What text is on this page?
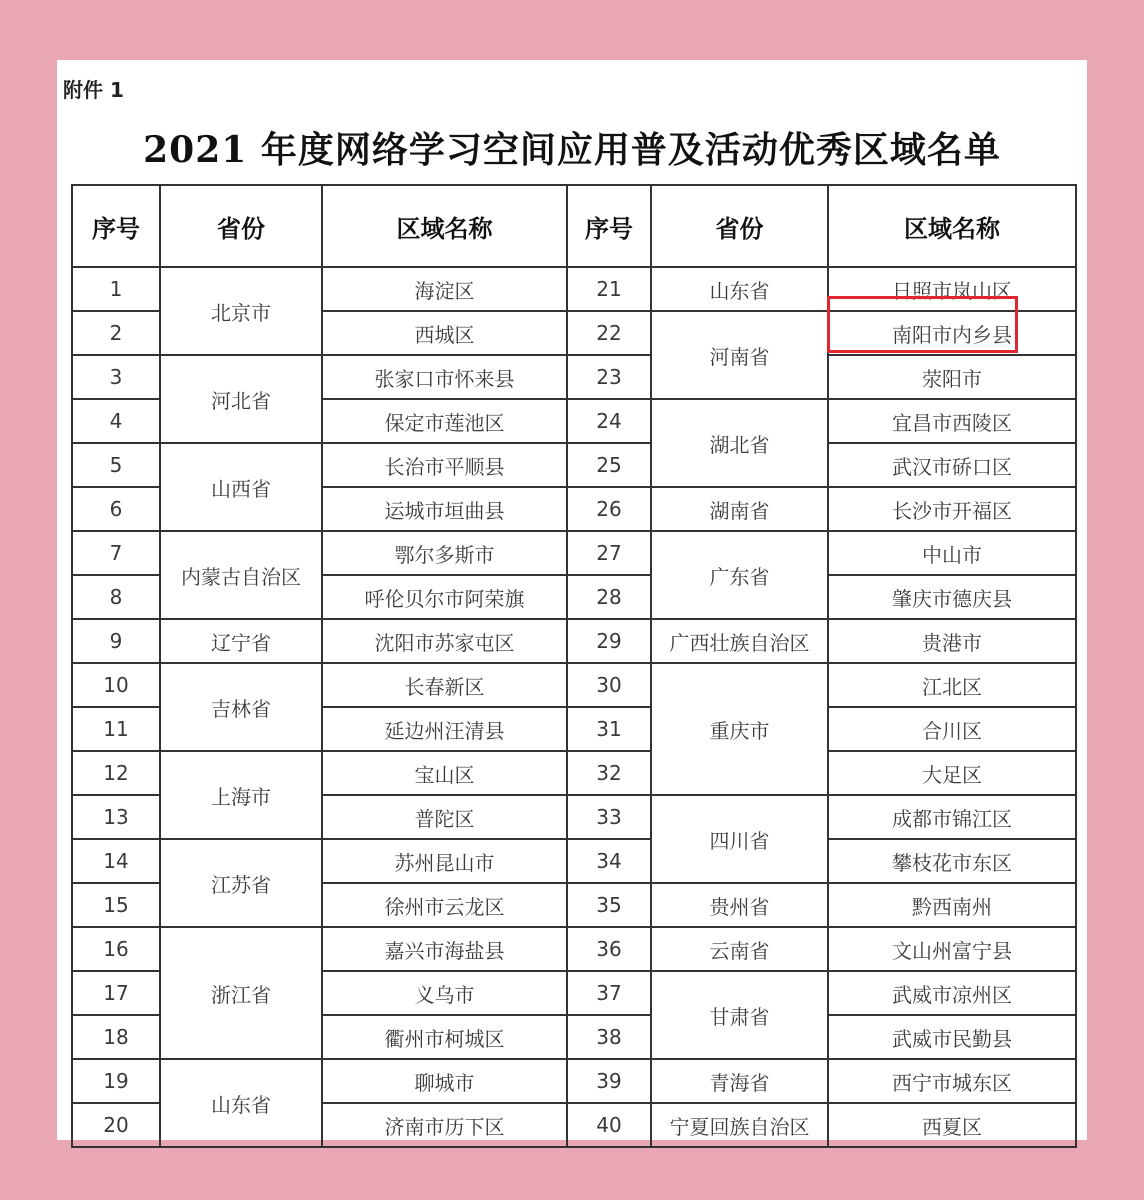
附件 1
2021 年度网络学习空间应用普及活动优秀区域名单
序号	省份	区域名称	序号	省份	区域名称
1	北京市	海淀区	21	山东省	日照市岚山区
2		西城区	22	河南省	南阳市内乡县
3	河北省	张家口市怀来县	23		荥阳市
4		保定市莲池区	24	湖北省	宜昌市西陵区
5	山西省	长治市平顺县	25		武汉市硚口区
6		运城市垣曲县	26	湖南省	长沙市开福区
7	内蒙古自治区	鄂尔多斯市	27	广东省	中山市
8		呼伦贝尔市阿荣旗	28		肇庆市德庆县
9	辽宁省	沈阳市苏家屯区	29	广西壮族自治区	贵港市
10	吉林省	长春新区	30	重庆市	江北区
11		延边州汪清县	31		合川区
12	上海市	宝山区	32		大足区
13		普陀区	33	四川省	成都市锦江区
14	江苏省	苏州昆山市	34		攀枝花市东区
15		徐州市云龙区	35	贵州省	黔西南州
16	浙江省	嘉兴市海盐县	36	云南省	文山州富宁县
17		义乌市	37	甘肃省	武威市凉州区
18		衢州市柯城区	38		武威市民勤县
19	山东省	聊城市	39	青海省	西宁市城东区
20		济南市历下区	40	宁夏回族自治区	西夏区
